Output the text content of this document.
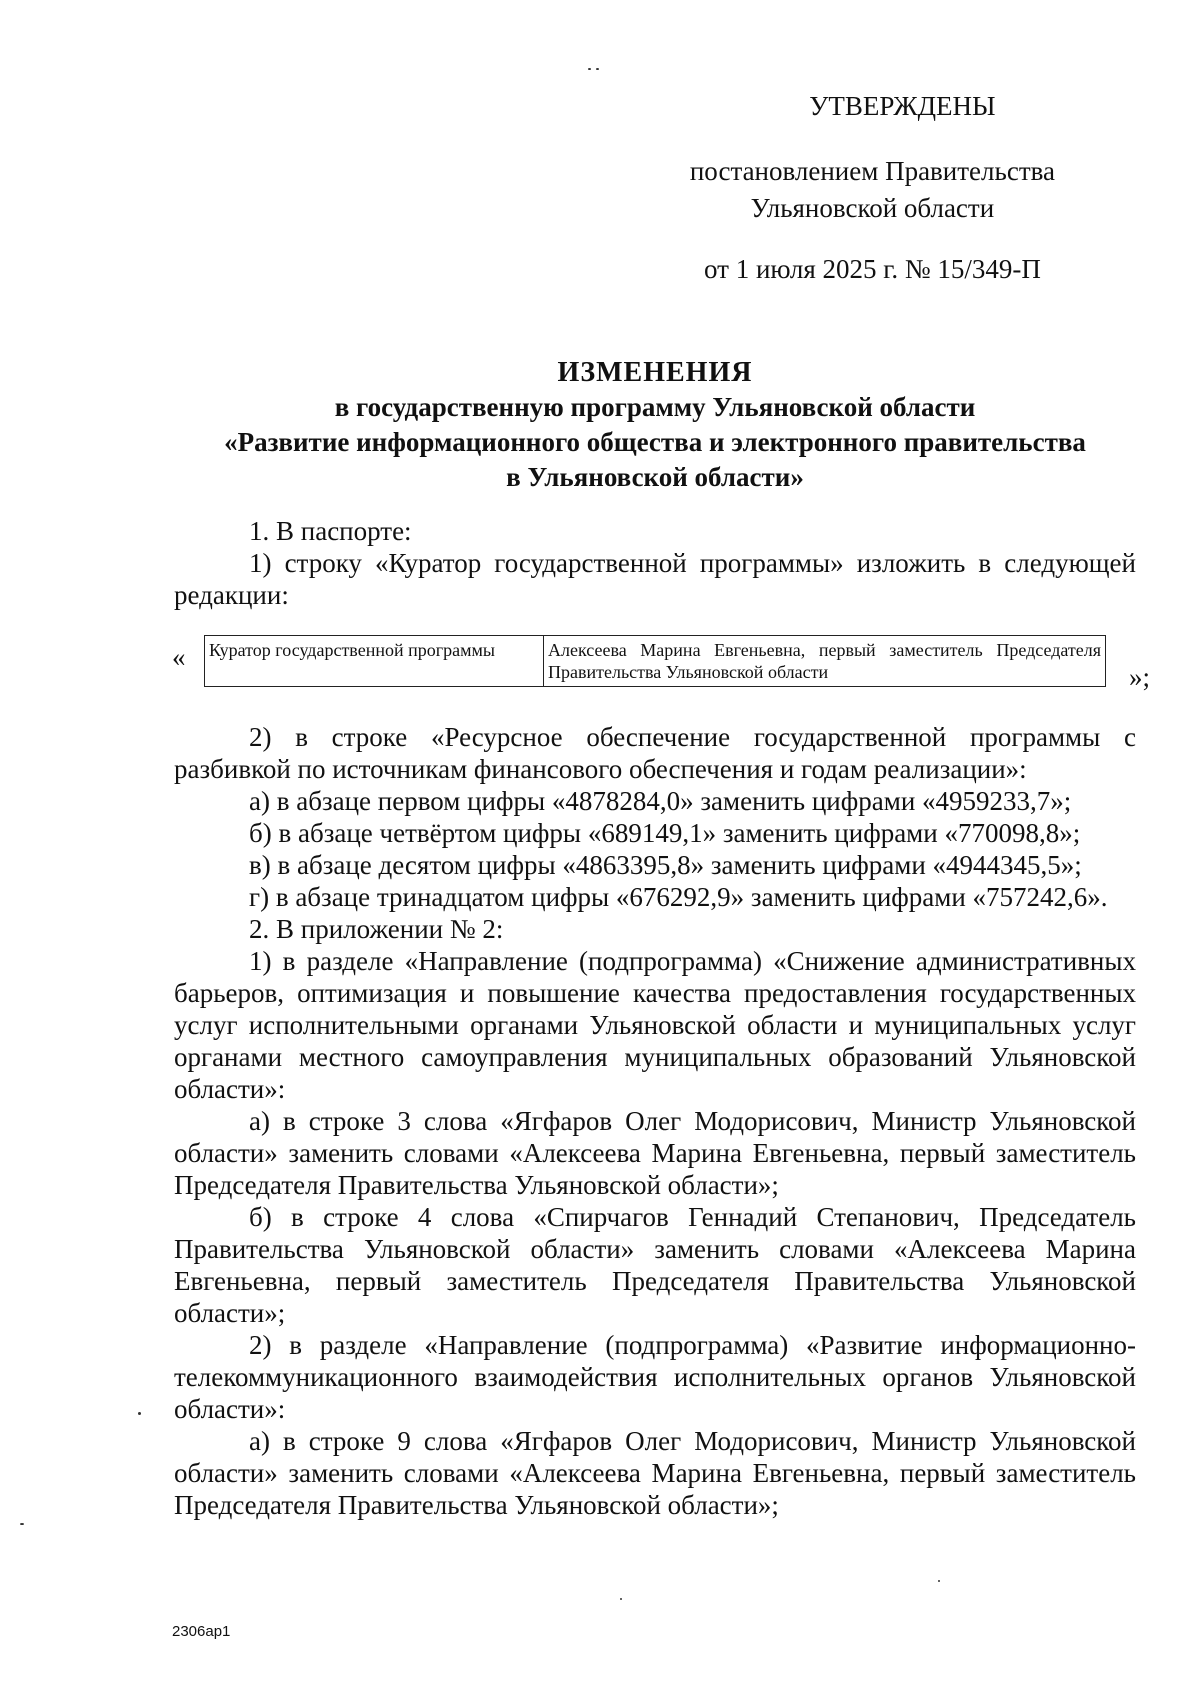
УТВЕРЖДЕНЫ
постановлением Правительства
Ульяновской области
от 1 июля 2025 г. № 15/349-П
ИЗМЕНЕНИЯ
в государственную программу Ульяновской области
«Развитие информационного общества и электронного правительства
в Ульяновской области»

1. В паспорте:

1) строку «Куратор государственной программы» изложить в следующей редакции:

« Куратор государственной программы	Алексеева Марина Евгеньевна, первый заместитель Председателя Правительства Ульяновской области	»;

2) в строке «Ресурсное обеспечение государственной программы с разбивкой по источникам финансового обеспечения и годам реализации»:

а) в абзаце первом цифры «4878284,0» заменить цифрами «4959233,7»;

б) в абзаце четвёртом цифры «689149,1» заменить цифрами «770098,8»;

в) в абзаце десятом цифры «4863395,8» заменить цифрами «4944345,5»;

г) в абзаце тринадцатом цифры «676292,9» заменить цифрами «757242,6».

2. В приложении № 2:

1) в разделе «Направление (подпрограмма) «Снижение административных барьеров, оптимизация и повышение качества предоставления государственных услуг исполнительными органами Ульяновской области и муниципальных услуг органами местного самоуправления муниципальных образований Ульяновской области»:

а) в строке 3 слова «Ягфаров Олег Модорисович, Министр Ульяновской области» заменить словами «Алексеева Марина Евгеньевна, первый заместитель Председателя Правительства Ульяновской области»;

б) в строке 4 слова «Спирчагов Геннадий Степанович, Председатель Правительства Ульяновской области» заменить словами «Алексеева Марина Евгеньевна, первый заместитель Председателя Правительства Ульяновской области»;

2) в разделе «Направление (подпрограмма) «Развитие информационно-телекоммуникационного взаимодействия исполнительных органов Ульяновской области»:

а) в строке 9 слова «Ягфаров Олег Модорисович, Министр Ульяновской области» заменить словами «Алексеева Марина Евгеньевна, первый заместитель Председателя Правительства Ульяновской области»;

2306ap1
